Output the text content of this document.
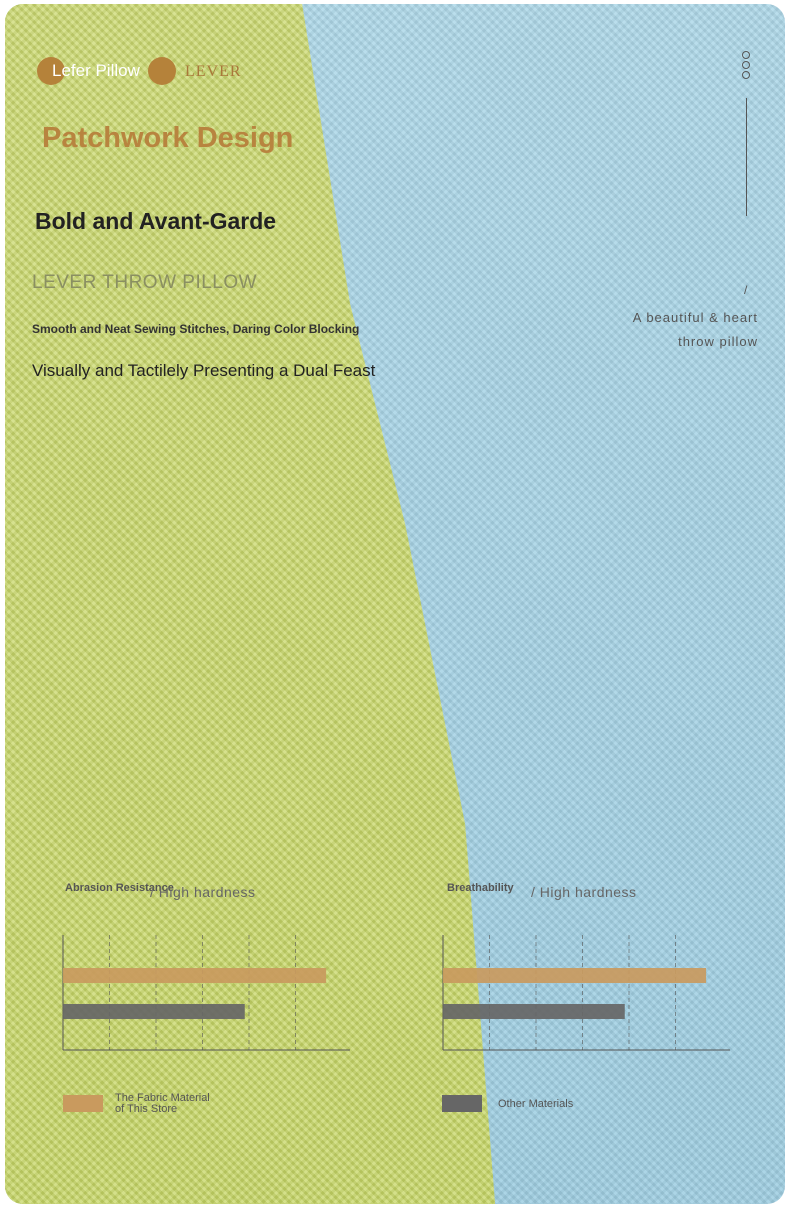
Lefer Pillow	LEVER
Patchwork Design
Bold and Avant-Garde
LEVER THROW PILLOW
Smooth and Neat Sewing Stitches, Daring Color Blocking
Visually and Tactilely Presenting a Dual Feast
/
A beautiful & heart
throw pillow
Abrasion Resistance
/ High hardness	Breathability / High hardness
The Fabric Material
of This Store	Other Materials
